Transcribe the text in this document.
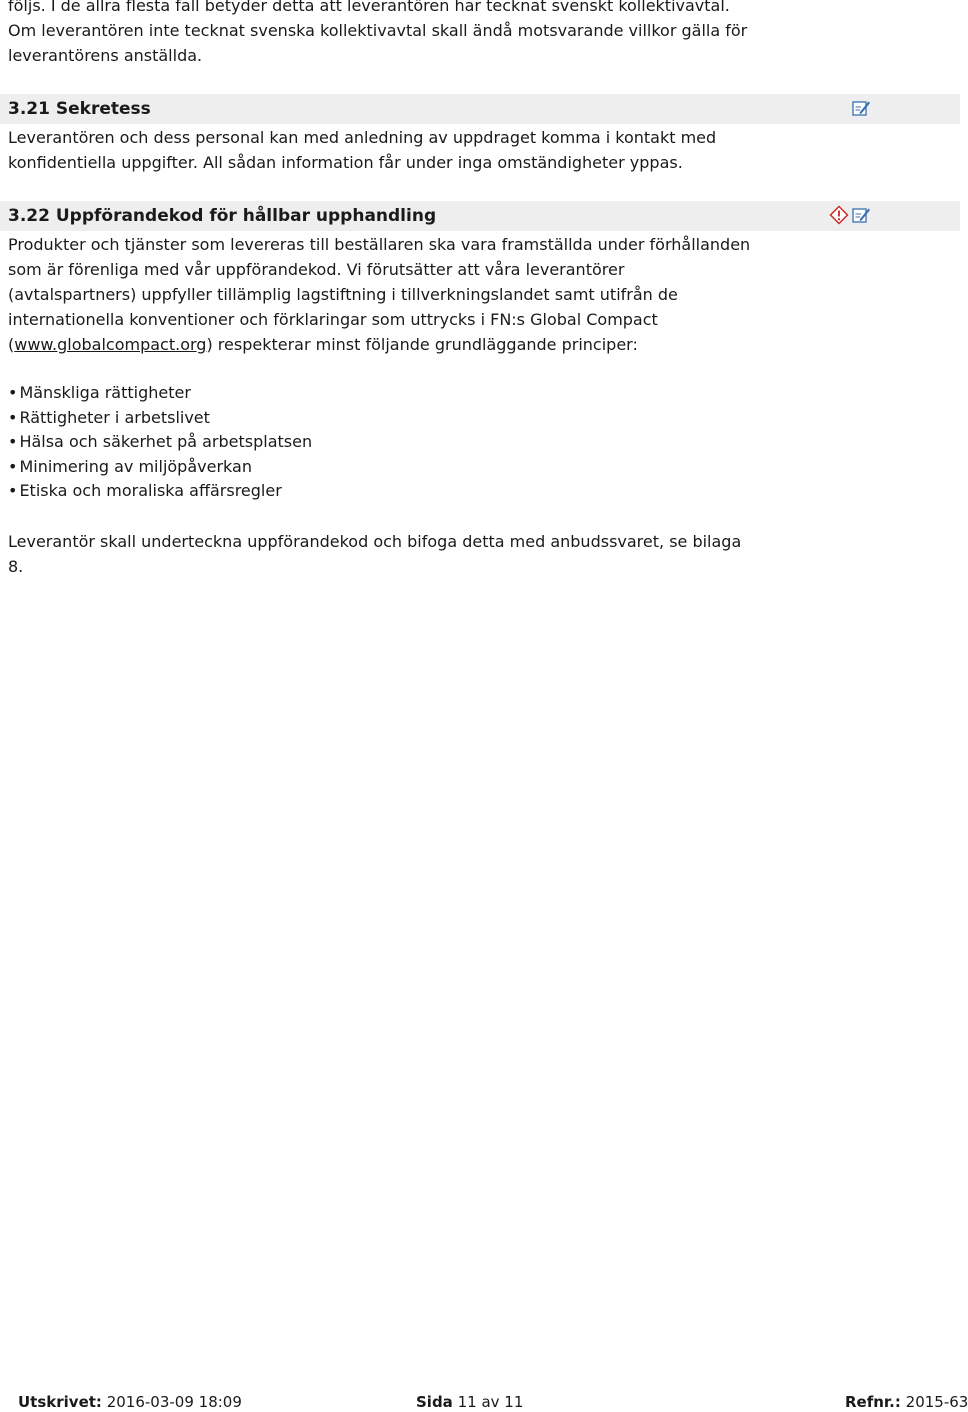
följs. I de allra flesta fall betyder detta att leverantören har tecknat svenskt kollektivavtal.
Om leverantören inte tecknat svenska kollektivavtal skall ändå motsvarande villkor gälla för
leverantörens anställda.
3.21 Sekretess
Leverantören och dess personal kan med anledning av uppdraget komma i kontakt med
konfidentiella uppgifter. All sådan information får under inga omständigheter yppas.
3.22 Uppförandekod för hållbar upphandling
Produkter och tjänster som levereras till beställaren ska vara framställda under förhållanden
som är förenliga med vår uppförandekod. Vi förutsätter att våra leverantörer
(avtalspartners) uppfyller tillämplig lagstiftning i tillverkningslandet samt utifrån de
internationella konventioner och förklaringar som uttrycks i FN:s Global Compact
(www.globalcompact.org) respekterar minst följande grundläggande principer:
• Mänskliga rättigheter
• Rättigheter i arbetslivet
• Hälsa och säkerhet på arbetsplatsen
• Minimering av miljöpåverkan
• Etiska och moraliska affärsregler
Leverantör skall underteckna uppförandekod och bifoga detta med anbudssvaret, se bilaga
8.
Utskrivet: 2016-03-09 18:09	Sida 11 av 11	Refnr.: 2015-63
